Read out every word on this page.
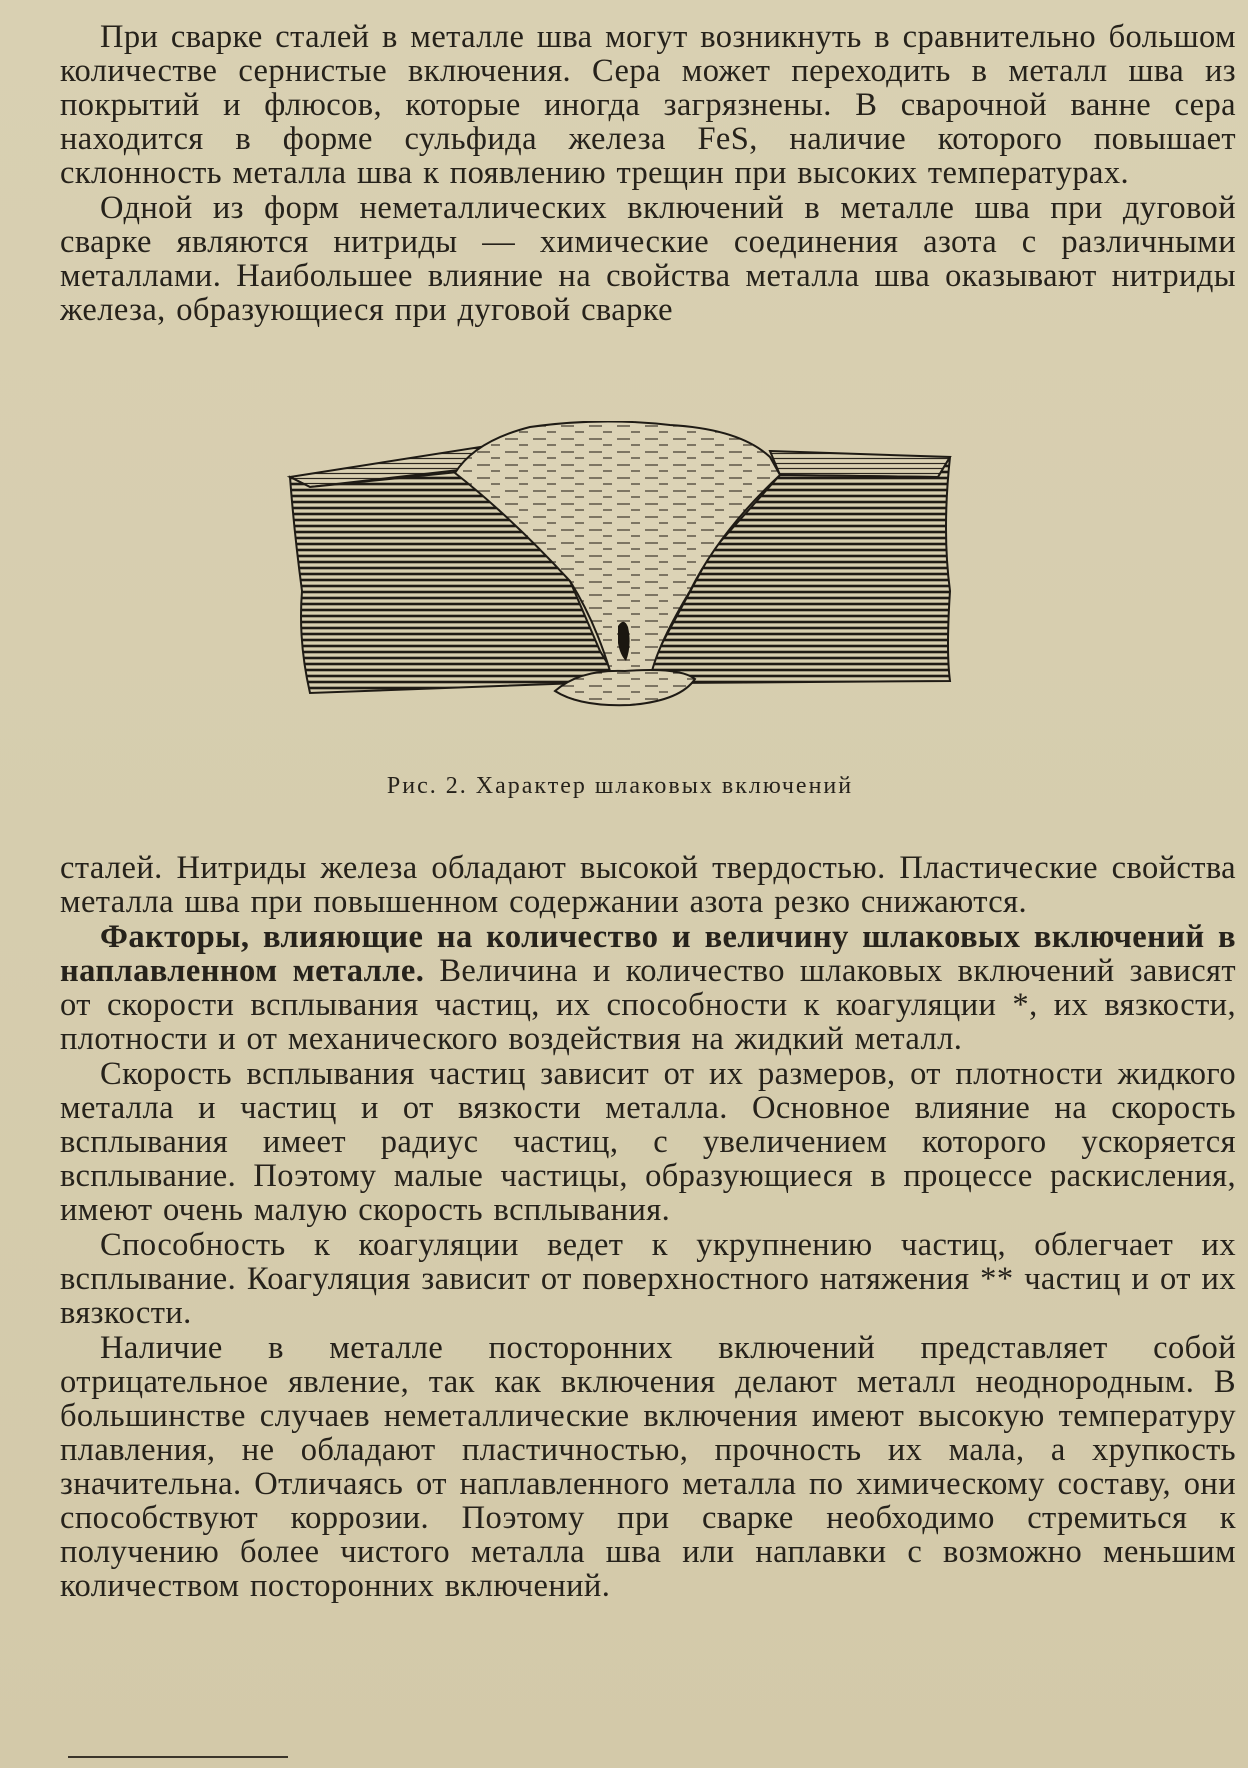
При сварке сталей в металле шва могут возникнуть в сравнительно большом количестве сернистые включения. Сера может переходить в металл шва из покрытий и флюсов, которые иногда загрязнены. В сварочной ванне сера находится в форме сульфида железа FeS, наличие которого повышает склонность металла шва к появлению трещин при высоких температурах.

Одной из форм неметаллических включений в металле шва при дуговой сварке являются нитриды — химические соединения азота с различными металлами. Наибольшее влияние на свойства металла шва оказывают нитриды железа, образующиеся при дуговой сварке

Рис. 2. Характер шлаковых включений

сталей. Нитриды железа обладают высокой твердостью. Пластические свойства металла шва при повышенном содержании азота резко снижаются.

Факторы, влияющие на количество и величину шлаковых включений в наплавленном металле. Величина и количество шлаковых включений зависят от скорости всплывания частиц, их способности к коагуляции *, их вязкости, плотности и от механического воздействия на жидкий металл.

Скорость всплывания частиц зависит от их размеров, от плотности жидкого металла и частиц и от вязкости металла. Основное влияние на скорость всплывания имеет радиус частиц, с увеличением которого ускоряется всплывание. Поэтому малые частицы, образующиеся в процессе раскисления, имеют очень малую скорость всплывания.

Способность к коагуляции ведет к укрупнению частиц, облегчает их всплывание. Коагуляция зависит от поверхностного натяжения ** частиц и от их вязкости.

Наличие в металле посторонних включений представляет собой отрицательное явление, так как включения делают металл неоднородным. В большинстве случаев неметаллические включения имеют высокую температуру плавления, не обладают пластичностью, прочность их мала, а хрупкость значительна. Отличаясь от наплавленного металла по химическому составу, они способствуют коррозии. Поэтому при сварке необходимо стремиться к получению более чистого металла шва или наплавки с возможно меньшим количеством посторонних включений.
